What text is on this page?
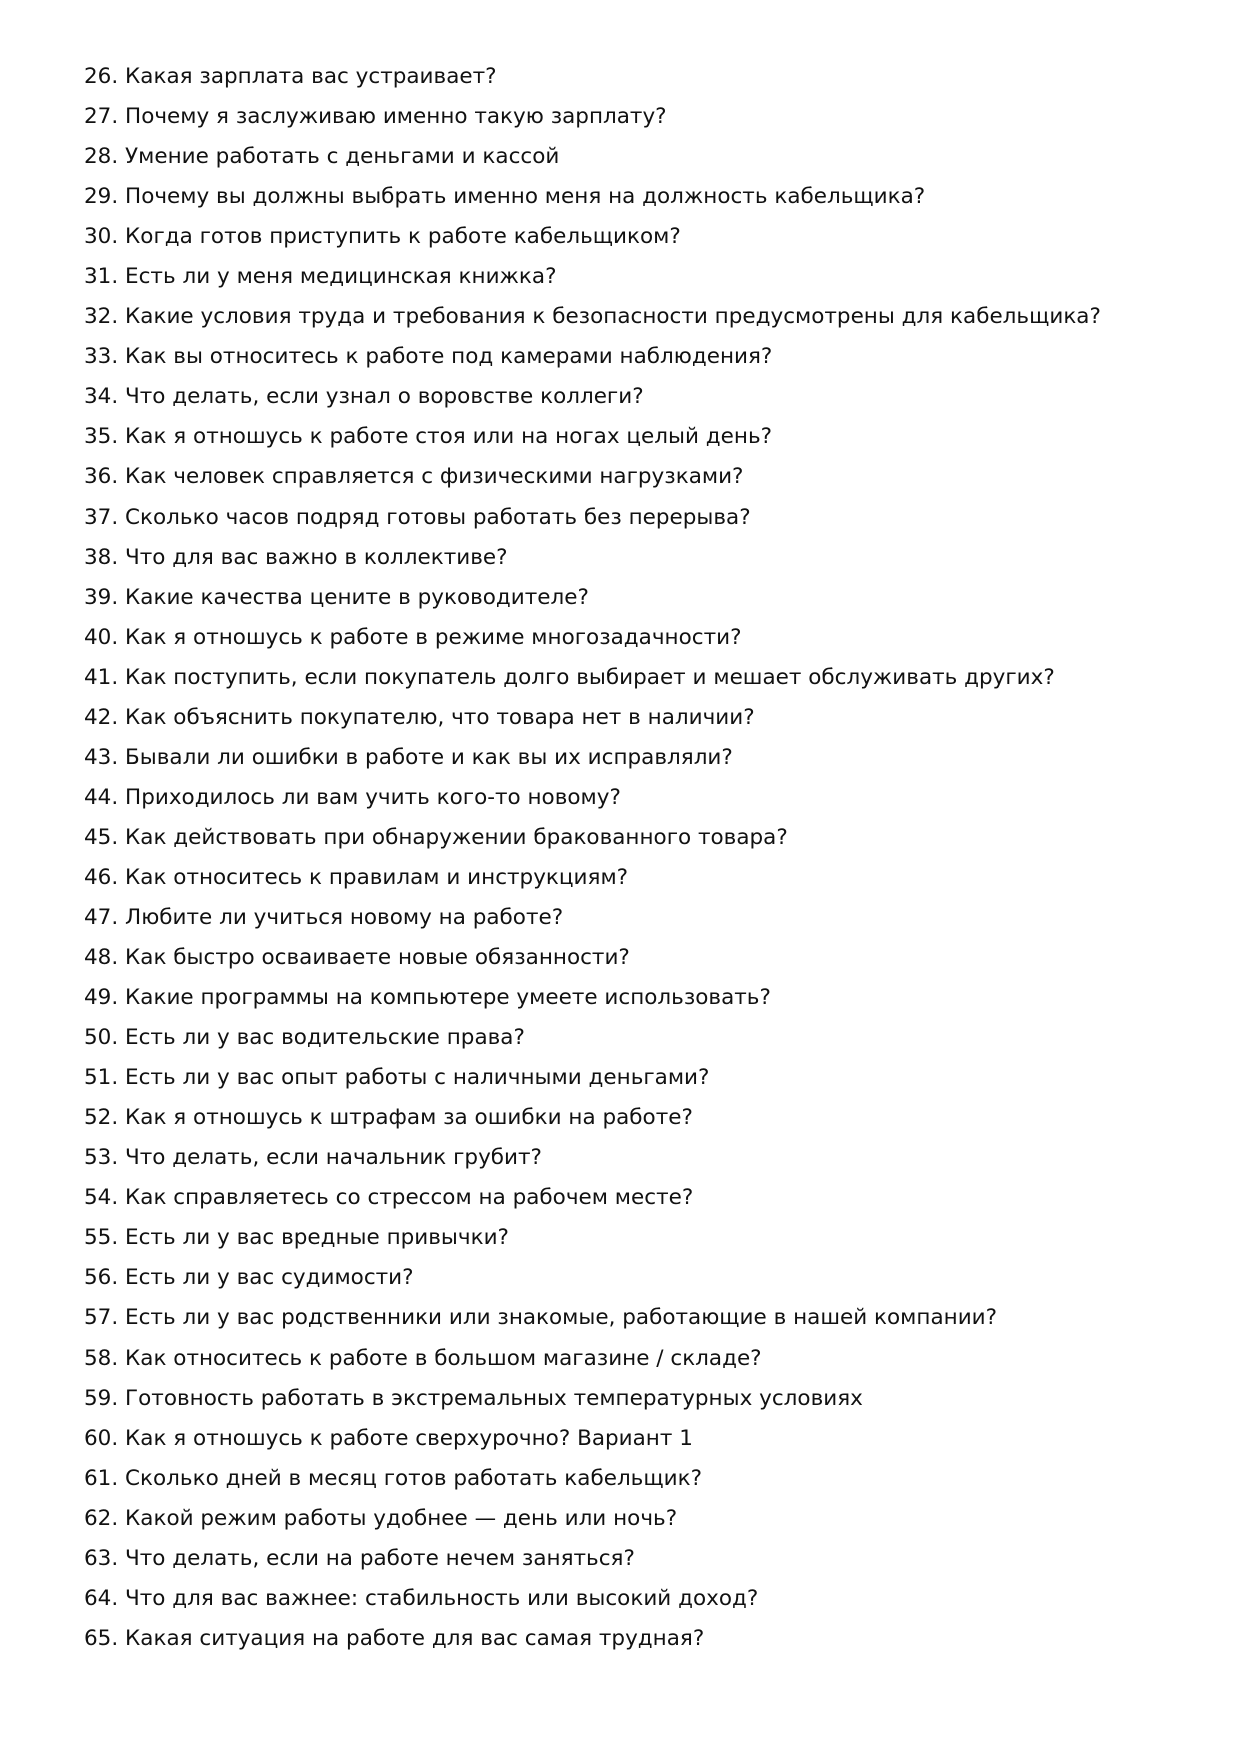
26. Какая зарплата вас устраивает?
27. Почему я заслуживаю именно такую зарплату?
28. Умение работать с деньгами и кассой
29. Почему вы должны выбрать именно меня на должность кабельщика?
30. Когда готов приступить к работе кабельщиком?
31. Есть ли у меня медицинская книжка?
32. Какие условия труда и требования к безопасности предусмотрены для кабельщика?
33. Как вы относитесь к работе под камерами наблюдения?
34. Что делать, если узнал о воровстве коллеги?
35. Как я отношусь к работе стоя или на ногах целый день?
36. Как человек справляется с физическими нагрузками?
37. Сколько часов подряд готовы работать без перерыва?
38. Что для вас важно в коллективе?
39. Какие качества цените в руководителе?
40. Как я отношусь к работе в режиме многозадачности?
41. Как поступить, если покупатель долго выбирает и мешает обслуживать других?
42. Как объяснить покупателю, что товара нет в наличии?
43. Бывали ли ошибки в работе и как вы их исправляли?
44. Приходилось ли вам учить кого-то новому?
45. Как действовать при обнаружении бракованного товара?
46. Как относитесь к правилам и инструкциям?
47. Любите ли учиться новому на работе?
48. Как быстро осваиваете новые обязанности?
49. Какие программы на компьютере умеете использовать?
50. Есть ли у вас водительские права?
51. Есть ли у вас опыт работы с наличными деньгами?
52. Как я отношусь к штрафам за ошибки на работе?
53. Что делать, если начальник грубит?
54. Как справляетесь со стрессом на рабочем месте?
55. Есть ли у вас вредные привычки?
56. Есть ли у вас судимости?
57. Есть ли у вас родственники или знакомые, работающие в нашей компании?
58. Как относитесь к работе в большом магазине / складе?
59. Готовность работать в экстремальных температурных условиях
60. Как я отношусь к работе сверхурочно? Вариант 1
61. Сколько дней в месяц готов работать кабельщик?
62. Какой режим работы удобнее — день или ночь?
63. Что делать, если на работе нечем заняться?
64. Что для вас важнее: стабильность или высокий доход?
65. Какая ситуация на работе для вас самая трудная?
